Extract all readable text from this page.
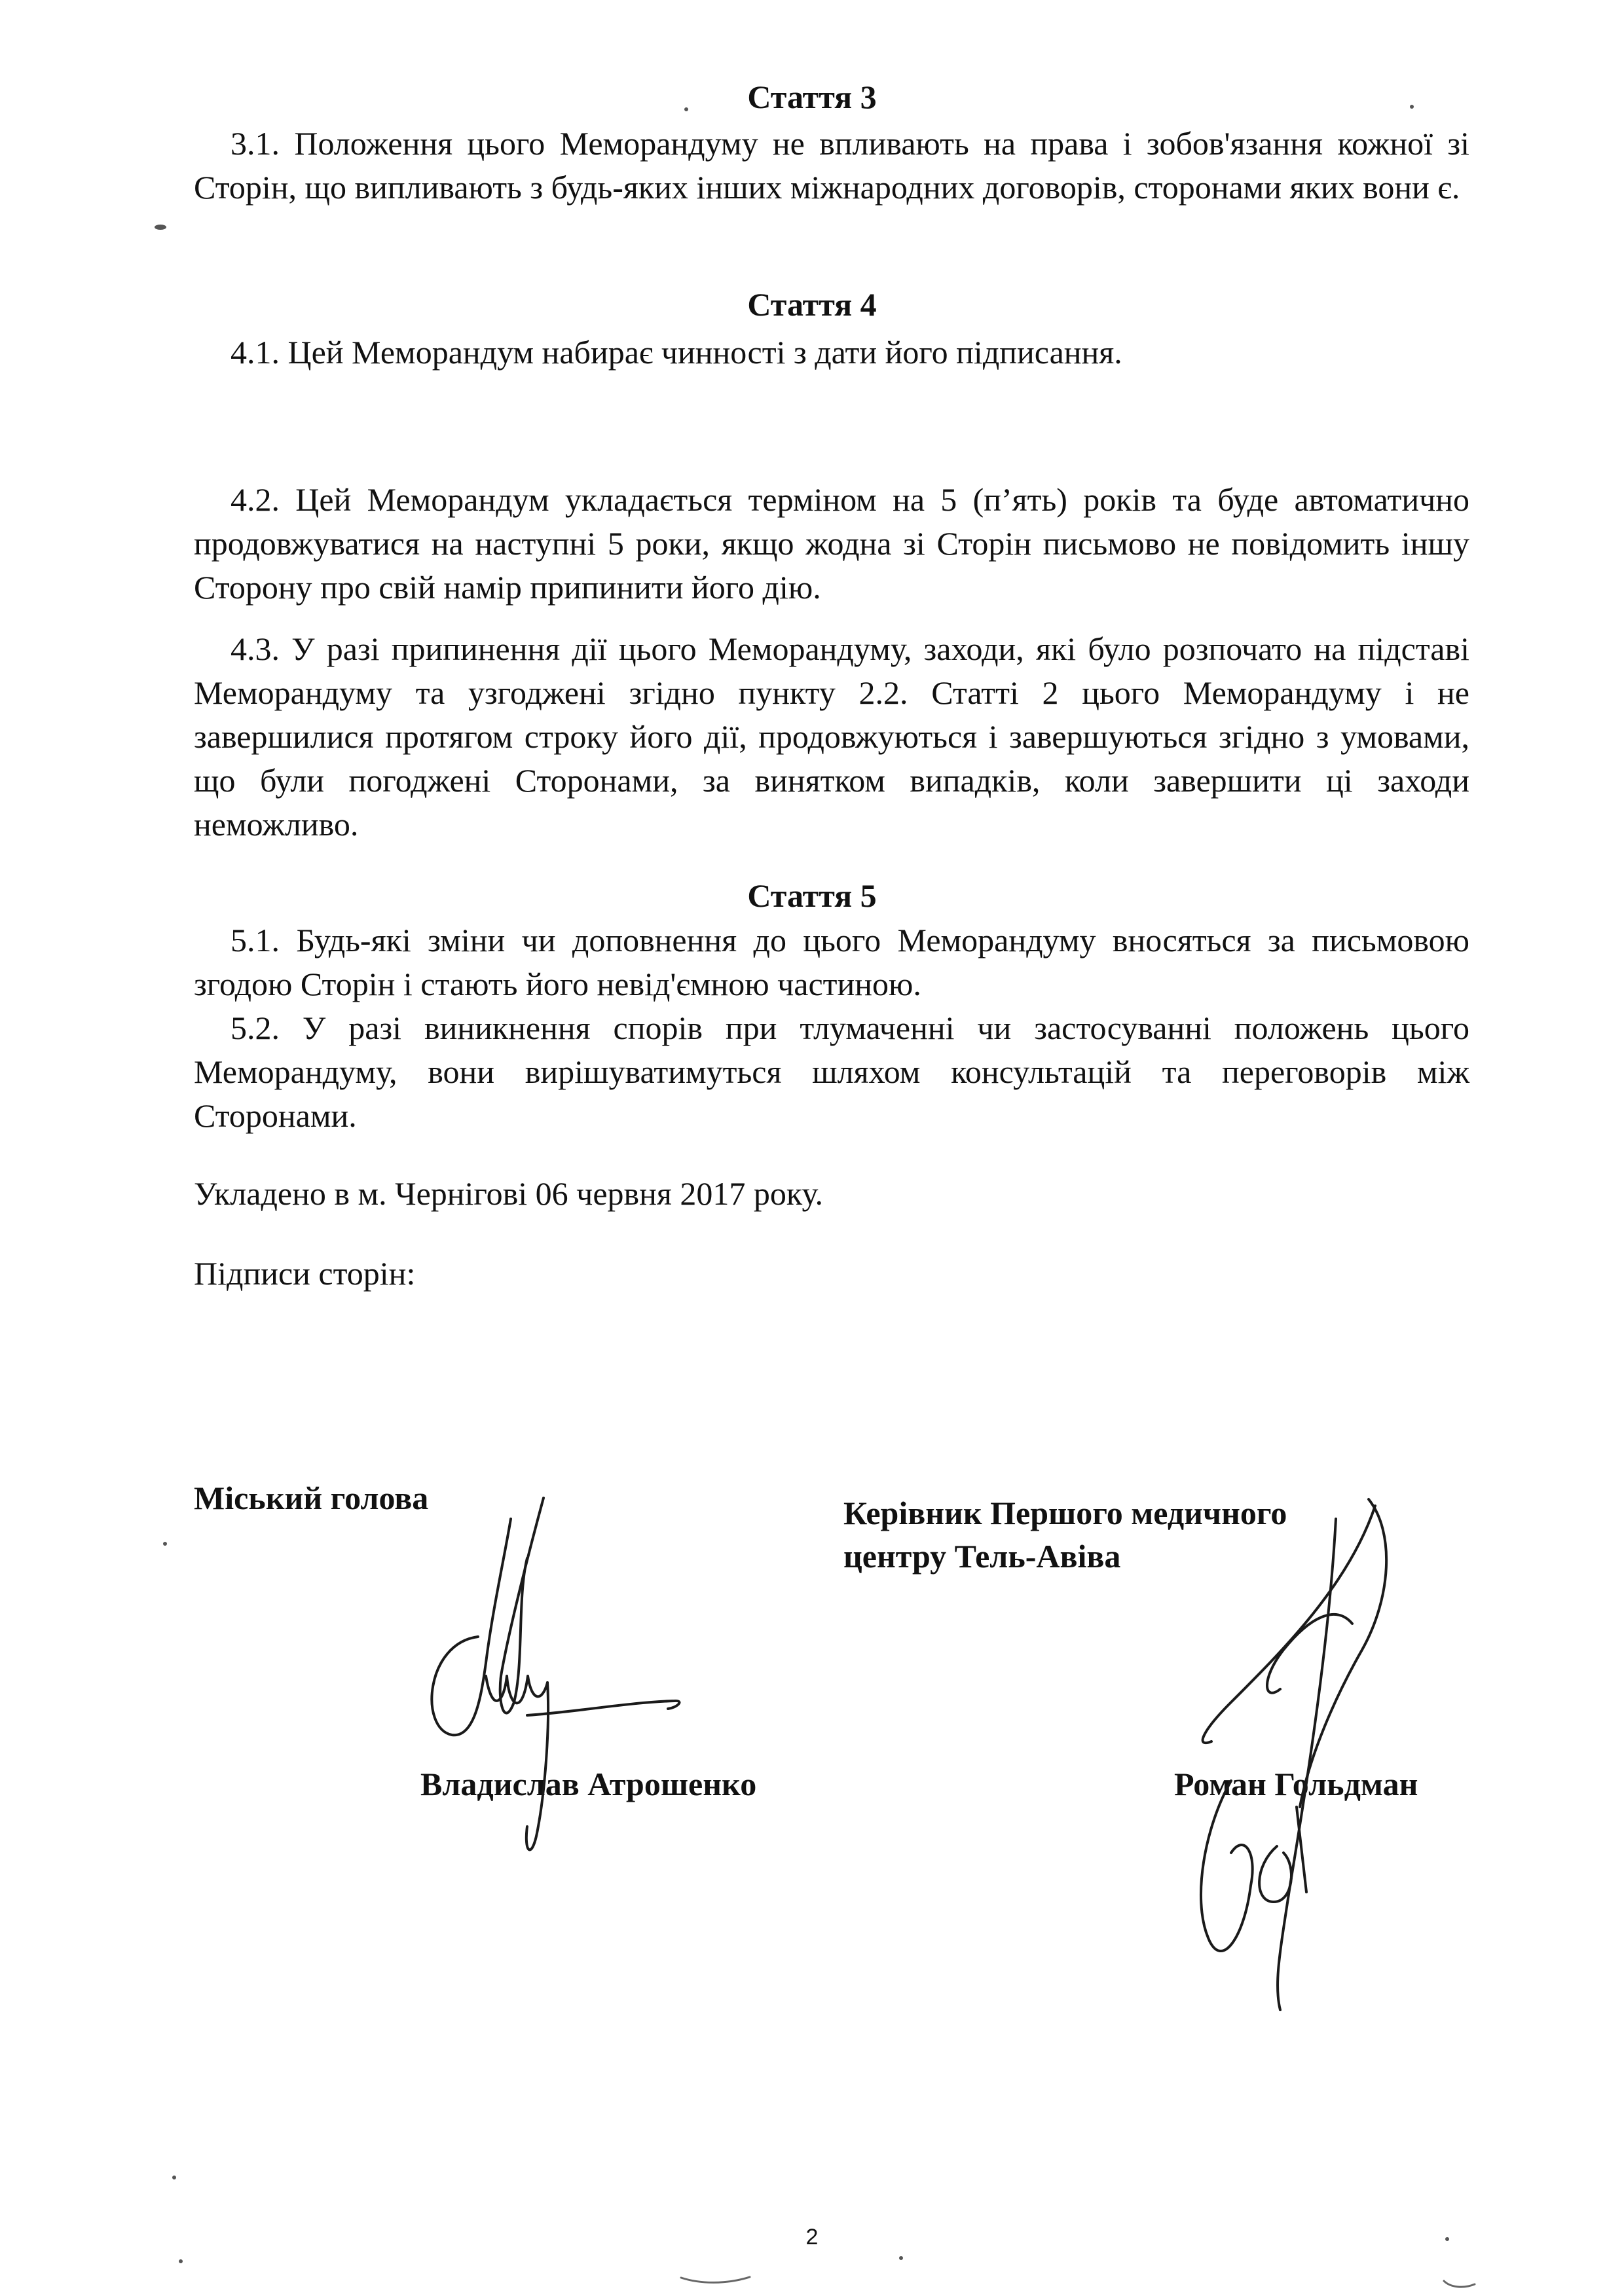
Стаття 3

3.1. Положення цього Меморандуму не впливають на права і зобов'язання кожної зі Сторін, що випливають з будь-яких інших міжнародних договорів, сторонами яких вони є.

Стаття 4

4.1. Цей Меморандум набирає чинності з дати його підписання.

4.2. Цей Меморандум укладається терміном на 5 (п’ять) років та буде автоматично продовжуватися на наступні 5 роки, якщо жодна зі Сторін письмово не повідомить іншу Сторону про свій намір припинити його дію.

4.3. У разі припинення дії цього Меморандуму, заходи, які було розпочато на підставі Меморандуму та узгоджені згідно пункту 2.2. Статті 2 цього Меморандуму і не завершилися протягом строку його дії, продовжуються і завершуються згідно з умовами, що були погоджені Сторонами, за винятком випадків, коли завершити ці заходи неможливо.

Стаття 5

5.1. Будь-які зміни чи доповнення до цього Меморандуму вносяться за письмовою згодою Сторін і стають його невід'ємною частиною.

5.2. У разі виникнення спорів при тлумаченні чи застосуванні положень цього Меморандуму, вони вирішуватимуться шляхом консультацій та переговорів між Сторонами.

Укладено в м. Чернігові 06 червня 2017 року.

Підписи сторін:

Міський голова

Владислав Атрошенко

Керівник Першого медичного

центру Тель-Авіва

Роман Гольдман

2
